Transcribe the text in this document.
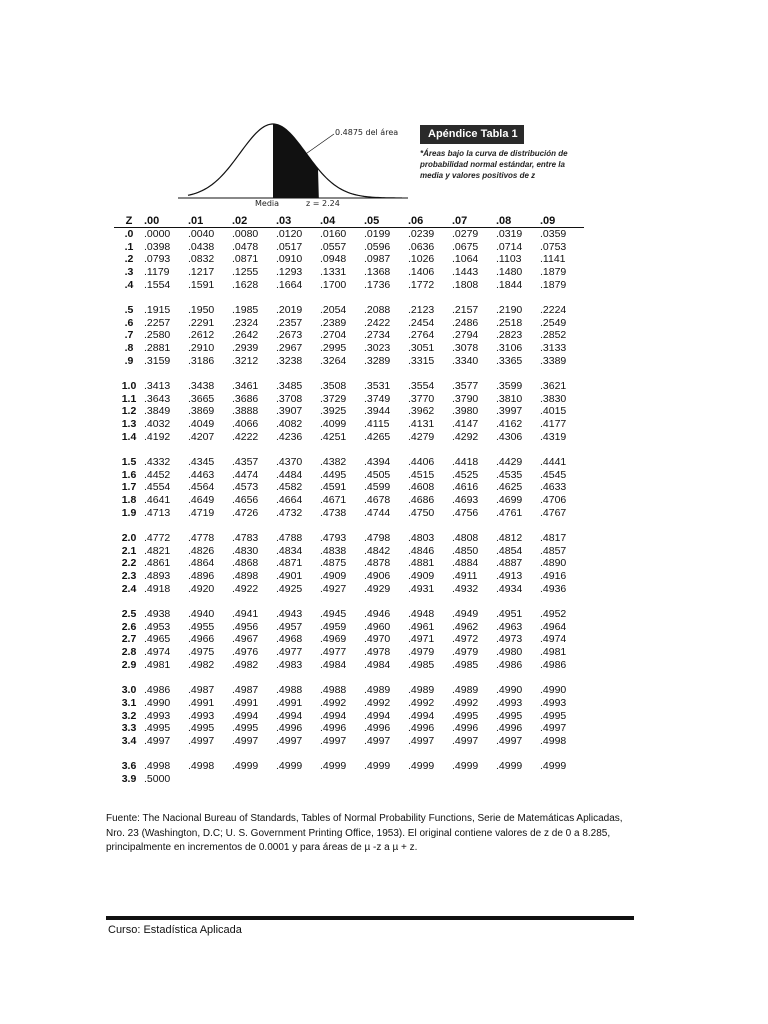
0.4875 del área
Media	z = 2.24
Apéndice Tabla 1
*Áreas bajo la curva de distribución de probabilidad normal estándar, entre la media y valores positivos de z
Z	.00	.01	.02	.03	.04	.05	.06	.07	.08	.09
.0	.0000	.0040	.0080	.0120	.0160	.0199	.0239	.0279	.0319	.0359
.1	.0398	.0438	.0478	.0517	.0557	.0596	.0636	.0675	.0714	.0753
.2	.0793	.0832	.0871	.0910	.0948	.0987	.1026	.1064	.1103	.1141
.3	.1179	.1217	.1255	.1293	.1331	.1368	.1406	.1443	.1480	.1879
.4	.1554	.1591	.1628	.1664	.1700	.1736	.1772	.1808	.1844	.1879

.5	.1915	.1950	.1985	.2019	.2054	.2088	.2123	.2157	.2190	.2224
.6	.2257	.2291	.2324	.2357	.2389	.2422	.2454	.2486	.2518	.2549
.7	.2580	.2612	.2642	.2673	.2704	.2734	.2764	.2794	.2823	.2852
.8	.2881	.2910	.2939	.2967	.2995	.3023	.3051	.3078	.3106	.3133
.9	.3159	.3186	.3212	.3238	.3264	.3289	.3315	.3340	.3365	.3389

1.0	.3413	.3438	.3461	.3485	.3508	.3531	.3554	.3577	.3599	.3621
1.1	.3643	.3665	.3686	.3708	.3729	.3749	.3770	.3790	.3810	.3830
1.2	.3849	.3869	.3888	.3907	.3925	.3944	.3962	.3980	.3997	.4015
1.3	.4032	.4049	.4066	.4082	.4099	.4115	.4131	.4147	.4162	.4177
1.4	.4192	.4207	.4222	.4236	.4251	.4265	.4279	.4292	.4306	.4319

1.5	.4332	.4345	.4357	.4370	.4382	.4394	.4406	.4418	.4429	.4441
1.6	.4452	.4463	.4474	.4484	.4495	.4505	.4515	.4525	.4535	.4545
1.7	.4554	.4564	.4573	.4582	.4591	.4599	.4608	.4616	.4625	.4633
1.8	.4641	.4649	.4656	.4664	.4671	.4678	.4686	.4693	.4699	.4706
1.9	.4713	.4719	.4726	.4732	.4738	.4744	.4750	.4756	.4761	.4767

2.0	.4772	.4778	.4783	.4788	.4793	.4798	.4803	.4808	.4812	.4817
2.1	.4821	.4826	.4830	.4834	.4838	.4842	.4846	.4850	.4854	.4857
2.2	.4861	.4864	.4868	.4871	.4875	.4878	.4881	.4884	.4887	.4890
2.3	.4893	.4896	.4898	.4901	.4909	.4906	.4909	.4911	.4913	.4916
2.4	.4918	.4920	.4922	.4925	.4927	.4929	.4931	.4932	.4934	.4936

2.5	.4938	.4940	.4941	.4943	.4945	.4946	.4948	.4949	.4951	.4952
2.6	.4953	.4955	.4956	.4957	.4959	.4960	.4961	.4962	.4963	.4964
2.7	.4965	.4966	.4967	.4968	.4969	.4970	.4971	.4972	.4973	.4974
2.8	.4974	.4975	.4976	.4977	.4977	.4978	.4979	.4979	.4980	.4981
2.9	.4981	.4982	.4982	.4983	.4984	.4984	.4985	.4985	.4986	.4986

3.0	.4986	.4987	.4987	.4988	.4988	.4989	.4989	.4989	.4990	.4990
3.1	.4990	.4991	.4991	.4991	.4992	.4992	.4992	.4992	.4993	.4993
3.2	.4993	.4993	.4994	.4994	.4994	.4994	.4994	.4995	.4995	.4995
3.3	.4995	.4995	.4995	.4996	.4996	.4996	.4996	.4996	.4996	.4997
3.4	.4997	.4997	.4997	.4997	.4997	.4997	.4997	.4997	.4997	.4998

3.6	.4998	.4998	.4999	.4999	.4999	.4999	.4999	.4999	.4999	.4999
3.9	.5000									
Fuente: The Nacional Bureau of Standards, Tables of Normal Probability Functions, Serie de Matemáticas Aplicadas, Nro. 23 (Washington, D.C; U. S. Government Printing Office, 1953). El original contiene valores de z de 0 a 8.285, principalmente en incrementos de 0.0001 y para áreas de µ -z a µ + z.
Curso: Estadística Aplicada
